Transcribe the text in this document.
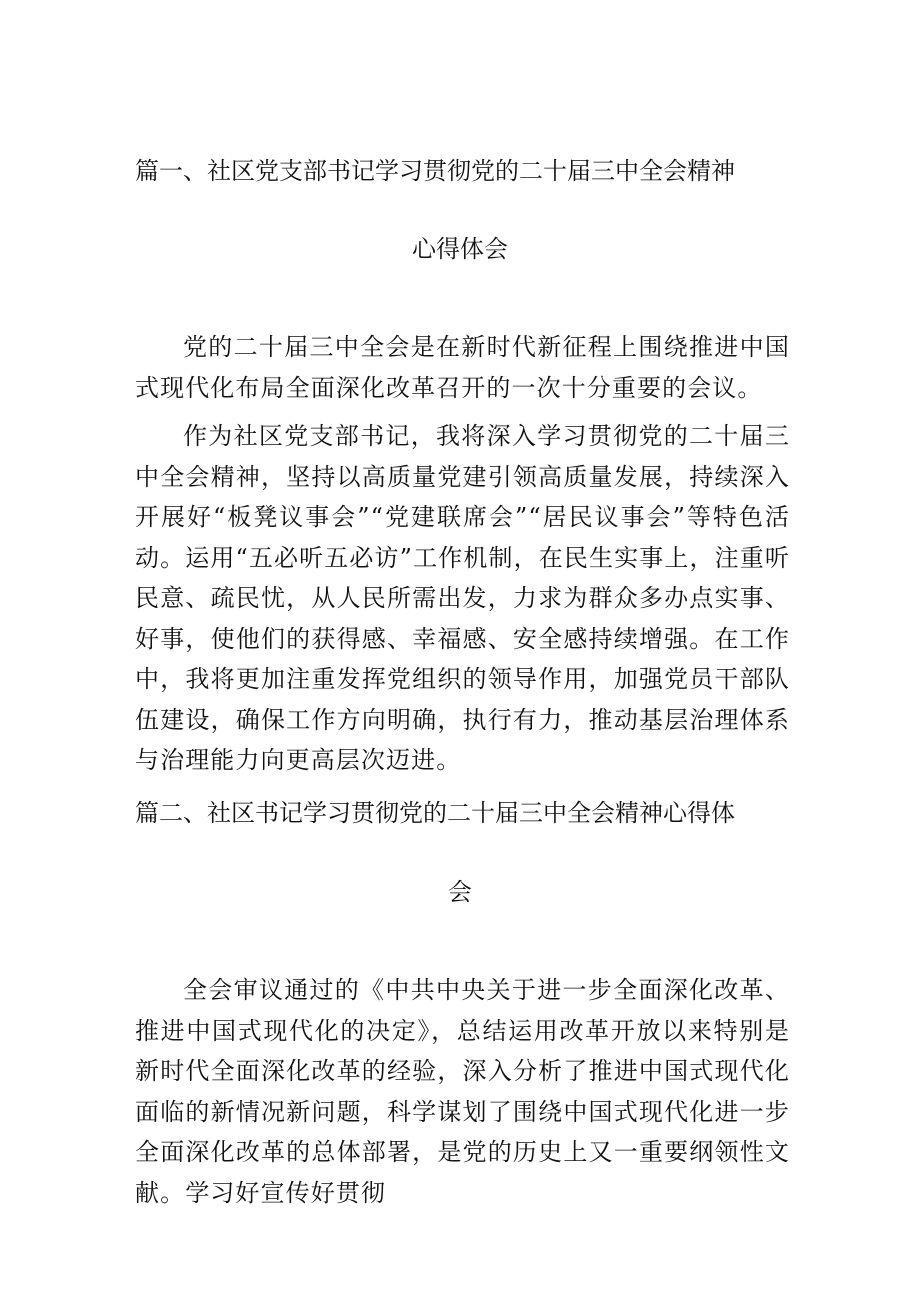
篇一、社区党支部书记学习贯彻党的二十届三中全会精神
心得体会

党的二十届三中全会是在新时代新征程上围绕推进中国式现代化布局全面深化改革召开的一次十分重要的会议。

作为社区党支部书记，我将深入学习贯彻党的二十届三中全会精神，坚持以高质量党建引领高质量发展，持续深入开展好“板凳议事会”“党建联席会”“居民议事会”等特色活动。运用“五必听五必访”工作机制，在民生实事上，注重听民意、疏民忧，从人民所需出发，力求为群众多办点实事、好事，使他们的获得感、幸福感、安全感持续增强。在工作中，我将更加注重发挥党组织的领导作用，加强党员干部队伍建设，确保工作方向明确，执行有力，推动基层治理体系与治理能力向更高层次迈进。

篇二、社区书记学习贯彻党的二十届三中全会精神心得体
会

全会审议通过的《中共中央关于进一步全面深化改革、推进中国式现代化的决定》，总结运用改革开放以来特别是新时代全面深化改革的经验，深入分析了推进中国式现代化面临的新情况新问题，科学谋划了围绕中国式现代化进一步全面深化改革的总体部署，是党的历史上又一重要纲领性文献。学习好宣传好贯彻
